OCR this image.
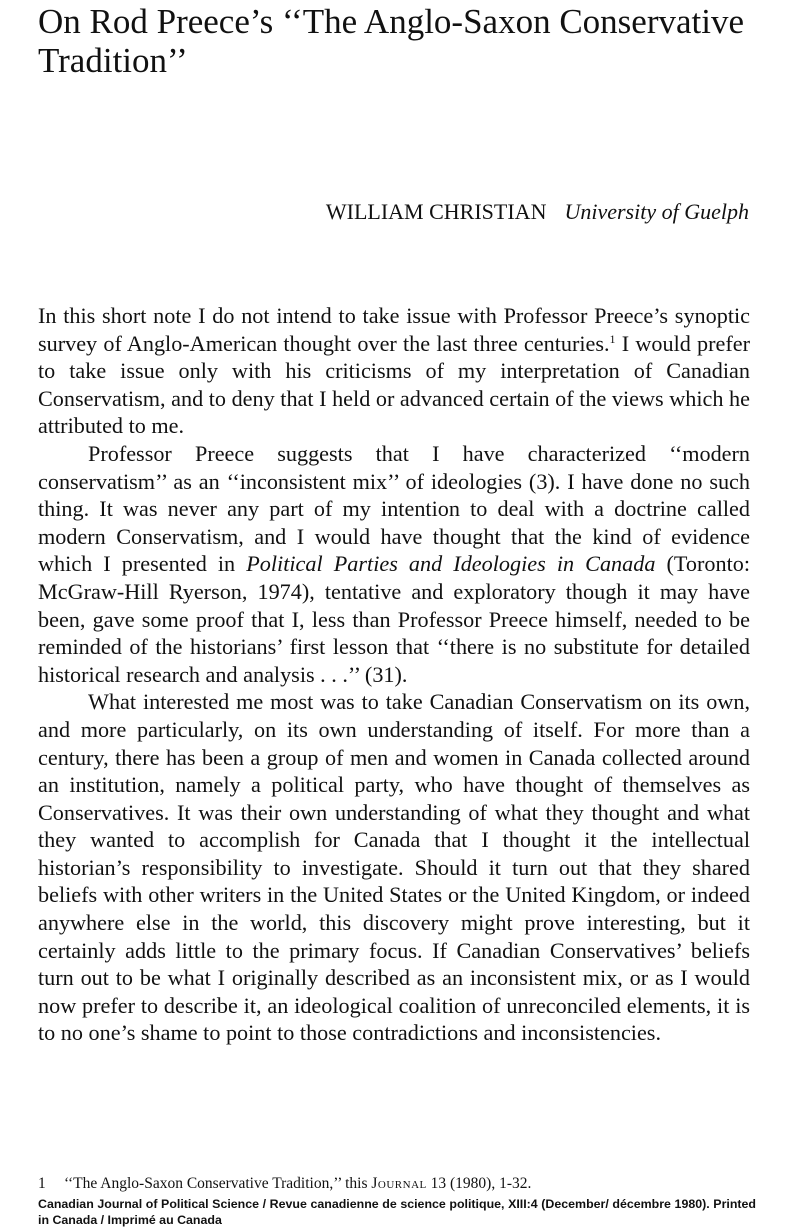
On Rod Preece’s ‘‘The Anglo-Saxon Conservative Tradition’’
WILLIAM CHRISTIAN University of Guelph

In this short note I do not intend to take issue with Professor Preece’s synoptic survey of Anglo-American thought over the last three centuries.$^1$ I would prefer to take issue only with his criticisms of my interpretation of Canadian Conservatism, and to deny that I held or advanced certain of the views which he attributed to me.

Professor Preece suggests that I have characterized ‘‘modern conservatism’’ as an ‘‘inconsistent mix’’ of ideologies (3). I have done no such thing. It was never any part of my intention to deal with a doctrine called modern Conservatism, and I would have thought that the kind of evidence which I presented in Political Parties and Ideologies in Canada (Toronto: McGraw-Hill Ryerson, 1974), tentative and exploratory though it may have been, gave some proof that I, less than Professor Preece himself, needed to be reminded of the historians’ first lesson that ‘‘there is no substitute for detailed historical research and analysis . . .’’ (31).

What interested me most was to take Canadian Conservatism on its own, and more particularly, on its own understanding of itself. For more than a century, there has been a group of men and women in Canada collected around an institution, namely a political party, who have thought of themselves as Conservatives. It was their own understanding of what they thought and what they wanted to accomplish for Canada that I thought it the intellectual historian’s responsibility to investigate. Should it turn out that they shared beliefs with other writers in the United States or the United Kingdom, or indeed anywhere else in the world, this discovery might prove interesting, but it certainly adds little to the primary focus. If Canadian Conservatives’ beliefs turn out to be what I originally described as an inconsistent mix, or as I would now prefer to describe it, an ideological coalition of unreconciled elements, it is to no one’s shame to point to those contradictions and inconsistencies.

1 ‘‘The Anglo-Saxon Conservative Tradition,’’ this Journal 13 (1980), 1-32.
Canadian Journal of Political Science / Revue canadienne de science politique, XIII:4 (December/ décembre 1980). Printed in Canada / Imprimé au Canada
